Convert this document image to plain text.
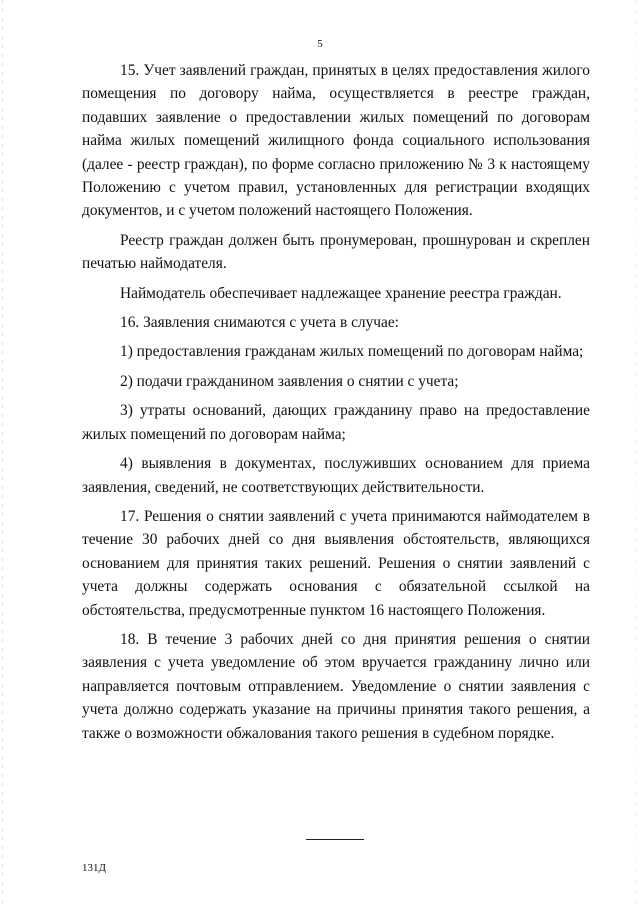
5

15. Учет заявлений граждан, принятых в целях предоставления жилого помещения по договору найма, осуществляется в реестре граждан, подавших заявление о предоставлении жилых помещений по договорам найма жилых помещений жилищного фонда социального использования (далее - реестр граждан), по форме согласно приложению № 3 к настоящему Положению с учетом правил, установленных для регистрации входящих документов, и с учетом положений настоящего Положения.

Реестр граждан должен быть пронумерован, прошнурован и скреплен печатью наймодателя.

Наймодатель обеспечивает надлежащее хранение реестра граждан.

16. Заявления снимаются с учета в случае:

1) предоставления гражданам жилых помещений по договорам найма;

2) подачи гражданином заявления о снятии с учета;

3) утраты оснований, дающих гражданину право на предоставление жилых помещений по договорам найма;

4) выявления в документах, послуживших основанием для приема заявления, сведений, не соответствующих действительности.

17. Решения о снятии заявлений с учета принимаются наймодателем в течение 30 рабочих дней со дня выявления обстоятельств, являющихся основанием для принятия таких решений. Решения о снятии заявлений с учета должны содержать основания с обязательной ссылкой на обстоятельства, предусмотренные пунктом 16 настоящего Положения.

18. В течение 3 рабочих дней со дня принятия решения о снятии заявления с учета уведомление об этом вручается гражданину лично или направляется почтовым отправлением. Уведомление о снятии заявления с учета должно содержать указание на причины принятия такого решения, а также о возможности обжалования такого решения в судебном порядке.

131Д
